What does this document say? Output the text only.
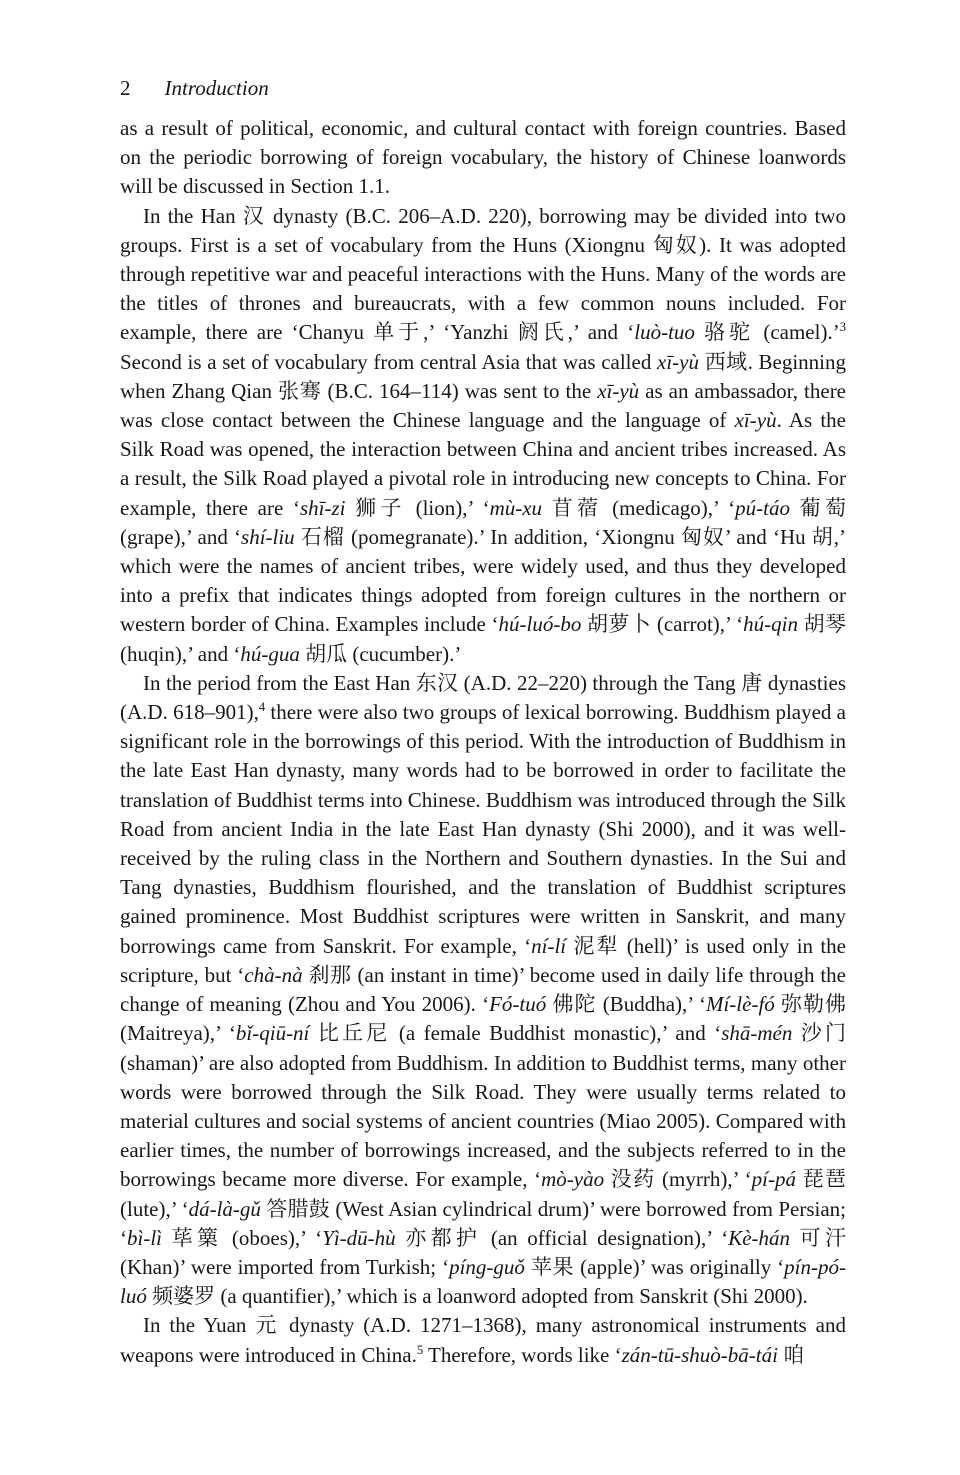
2 Introduction

as a result of political, economic, and cultural contact with foreign countries. Based on the periodic borrowing of foreign vocabulary, the history of Chinese loanwords will be discussed in Section 1.1.

In the Han 汉 dynasty (B.C. 206–A.D. 220), borrowing may be divided into two groups. First is a set of vocabulary from the Huns (Xiongnu 匈奴). It was adopted through repetitive war and peaceful interactions with the Huns. Many of the words are the titles of thrones and bureaucrats, with a few common nouns included. For example, there are ‘Chanyu 单于,’ ‘Yanzhi 阏氏,’ and ‘luò-tuo 骆驼 (camel).’$^3$ Second is a set of vocabulary from central Asia that was called xī-yù 西域. Beginning when Zhang Qian 张骞 (B.C. 164–114) was sent to the xī-yù as an ambassador, there was close contact between the Chinese language and the language of xī-yù. As the Silk Road was opened, the interaction between China and ancient tribes increased. As a result, the Silk Road played a pivotal role in introducing new concepts to China. For example, there are ‘shī-zi 狮子 (lion),’ ‘mù-xu 苜蓿 (medicago),’ ‘pú-táo 葡萄 (grape),’ and ‘shí-liu 石榴 (pomegranate).’ In addition, ‘Xiongnu 匈奴’ and ‘Hu 胡,’ which were the names of ancient tribes, were widely used, and thus they developed into a prefix that indicates things adopted from foreign cultures in the northern or western border of China. Examples include ‘hú-luó-bo 胡萝卜 (carrot),’ ‘hú-qin 胡琴 (huqin),’ and ‘hú-gua 胡瓜 (cucumber).’

In the period from the East Han 东汉 (A.D. 22–220) through the Tang 唐 dynasties (A.D. 618–901),$^4$ there were also two groups of lexical borrowing. Buddhism played a significant role in the borrowings of this period. With the introduction of Buddhism in the late East Han dynasty, many words had to be borrowed in order to facilitate the translation of Buddhist terms into Chinese. Buddhism was introduced through the Silk Road from ancient India in the late East Han dynasty (Shi 2000), and it was well-received by the ruling class in the Northern and Southern dynasties. In the Sui and Tang dynasties, Buddhism flourished, and the translation of Buddhist scriptures gained prominence. Most Buddhist scriptures were written in Sanskrit, and many borrowings came from Sanskrit. For example, ‘ní-lí 泥犁 (hell)’ is used only in the scripture, but ‘chà-nà 刹那 (an instant in time)’ become used in daily life through the change of meaning (Zhou and You 2006). ‘Fó-tuó 佛陀 (Buddha),’ ‘Mí-lè-fó 弥勒佛 (Maitreya),’ ‘bǐ-qiū-ní 比丘尼 (a female Buddhist monastic),’ and ‘shā-mén 沙门 (shaman)’ are also adopted from Buddhism. In addition to Buddhist terms, many other words were borrowed through the Silk Road. They were usually terms related to material cultures and social systems of ancient countries (Miao 2005). Compared with earlier times, the number of borrowings increased, and the subjects referred to in the borrowings became more diverse. For example, ‘mò-yào 没药 (myrrh),’ ‘pí-pá 琵琶 (lute),’ ‘dá-là-gǔ 答腊鼓 (West Asian cylindrical drum)’ were borrowed from Persian; ‘bì-lì 荜篥 (oboes),’ ‘Yì-dū-hù 亦都护 (an official designation),’ ‘Kè-hán 可汗 (Khan)’ were imported from Turkish; ‘píng-guǒ 苹果 (apple)’ was originally ‘pín-pó-luó 频婆罗 (a quantifier),’ which is a loanword adopted from Sanskrit (Shi 2000).

In the Yuan 元 dynasty (A.D. 1271–1368), many astronomical instruments and weapons were introduced in China.$^5$ Therefore, words like ‘zán-tū-shuò-bā-tái 咱
